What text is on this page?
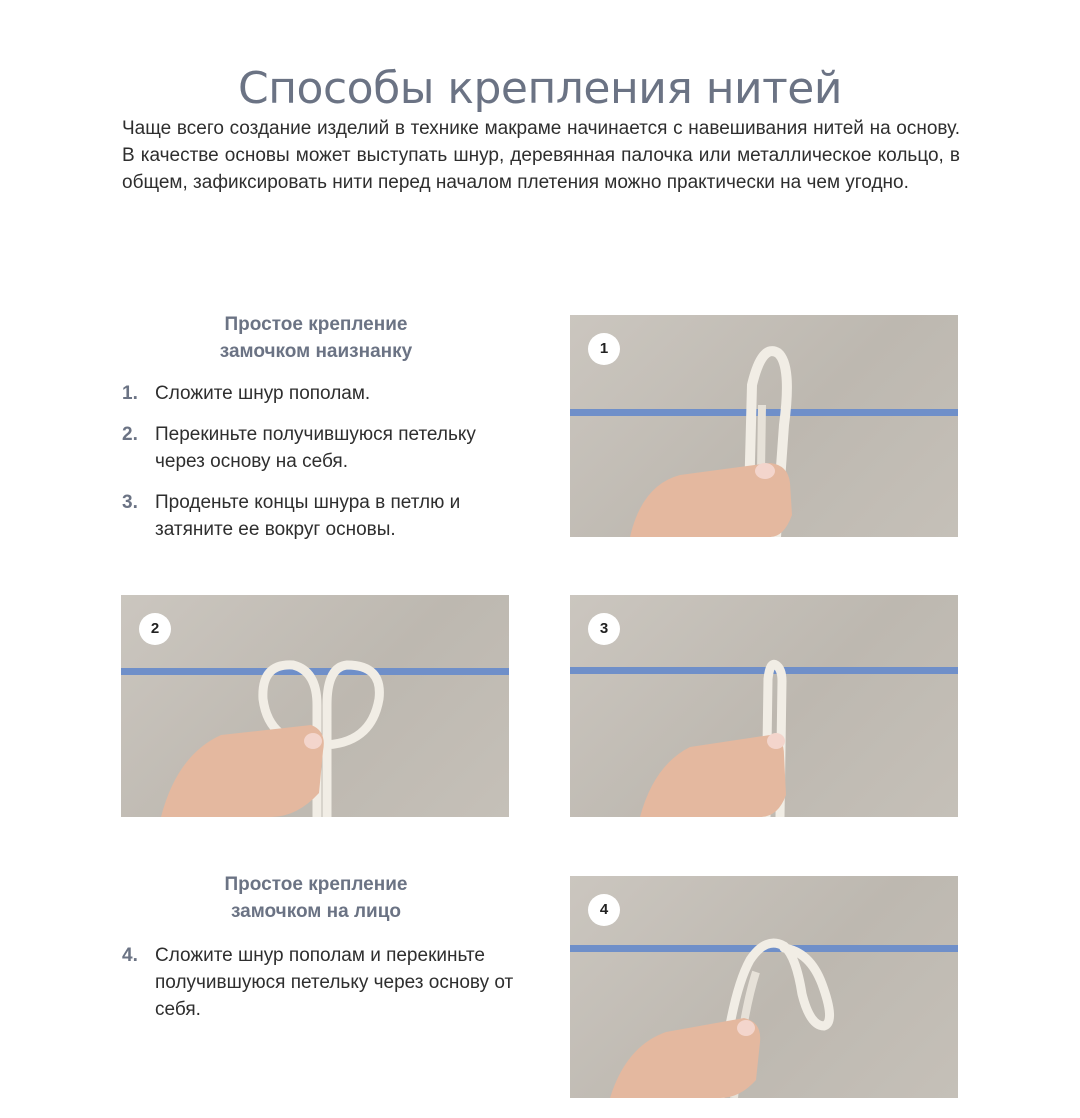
Способы крепления нитей

Чаще всего создание изделий в технике макраме начинается с навешивания нитей на основу. В качестве основы может выступать шнур, деревянная палочка или металлическое кольцо, в общем, зафиксировать нити перед началом плетения можно практически на чем угодно.

Простое крепление
замочком наизнанку
1. Сложите шнур пополам.
2. Перекиньте получившуюся петельку через основу на себя.
3. Проденьте концы шнура в петлю и затяните ее вокруг основы.
Простое крепление
замочком на лицо
4. Сложите шнур пополам и перекиньте получившуюся петельку через основу от себя.
1
2	3
4
